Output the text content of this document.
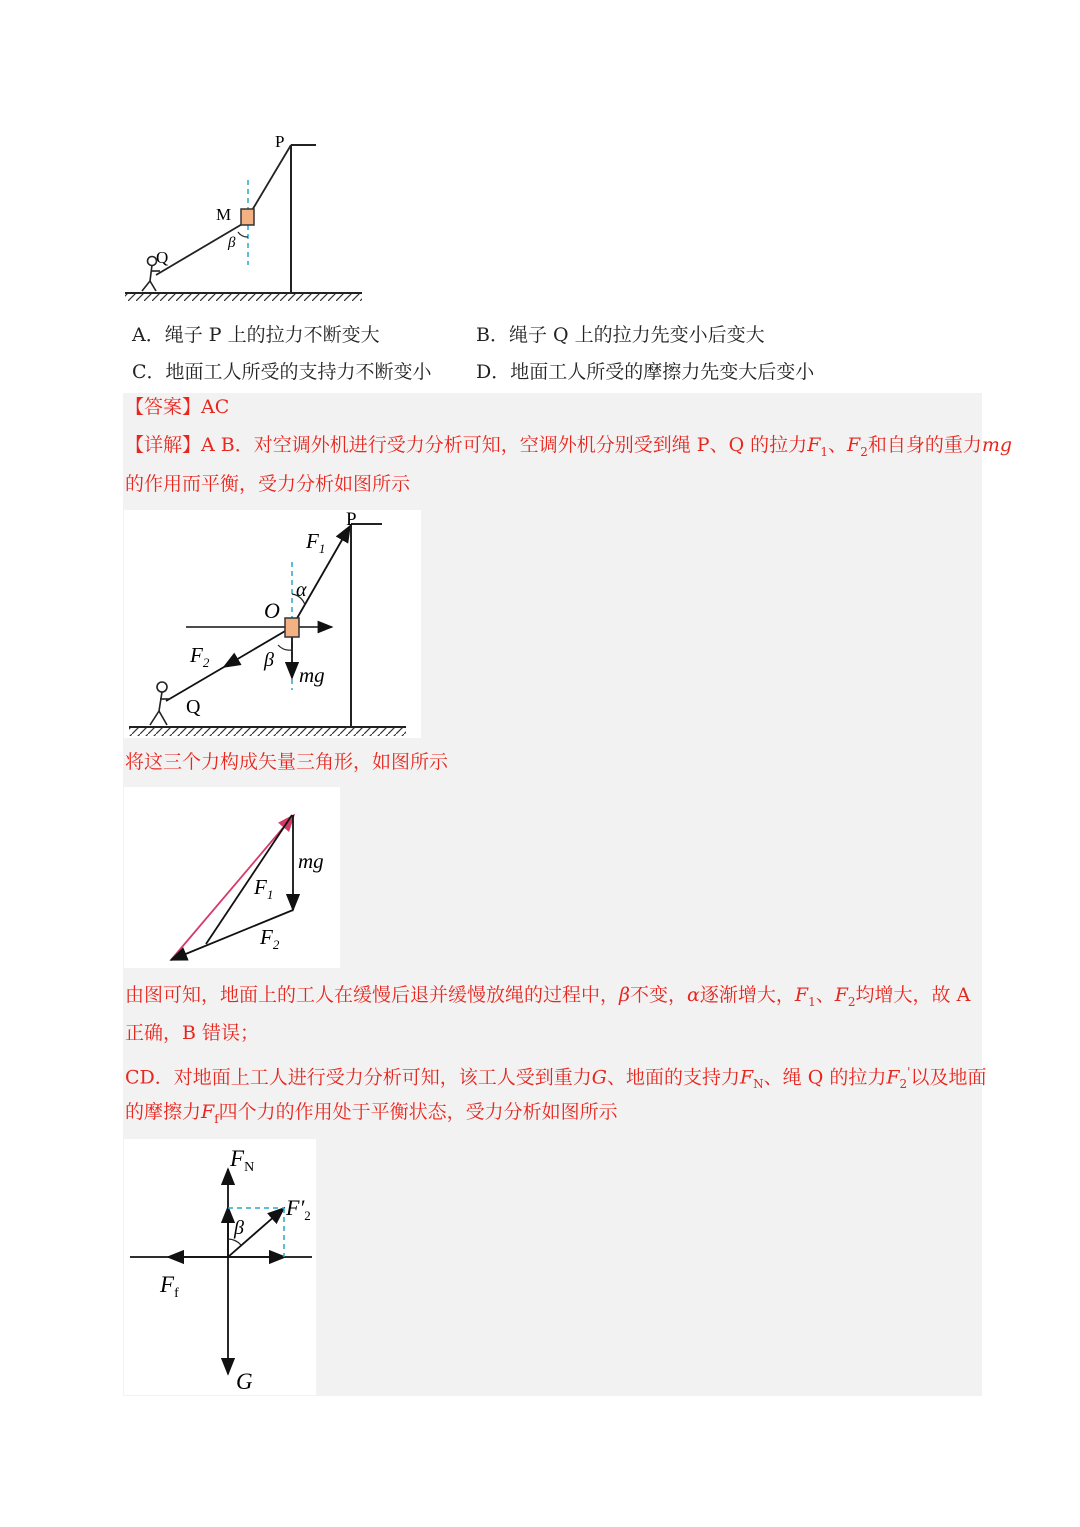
P
M
Q
β
A．绳子 P 上的拉力不断变大	B．绳子 Q 上的拉力先变小后变大
C．地面工人所受的支持力不断变小 D．地面工人所受的摩擦力先变大后变小
【答案】AC
【详解】A B．对空调外机进行受力分析可知，空调外机分别受到绳 P、Q 的拉力$F_1$、$F_2$和自身的重力mg
的作用而平衡，受力分析如图所示
P
$F_1$
α
O
$F_2$	β
mg
Q
将这三个力构成矢量三角形，如图所示
mg
$F_1$
$F_2$
由图可知，地面上的工人在缓慢后退并缓慢放绳的过程中，β不变，α逐渐增大，$F_1$、$F_2$均增大，故 A
正确，B 错误；
CD．对地面上工人进行受力分析可知，该工人受到重力G、地面的支持力$F_N$、绳 Q 的拉力$F_2'$以及地面
的摩擦力$F_f$四个力的作用处于平衡状态，受力分析如图所示
$F_N$
$F'_2$
β
$F_f$
G
